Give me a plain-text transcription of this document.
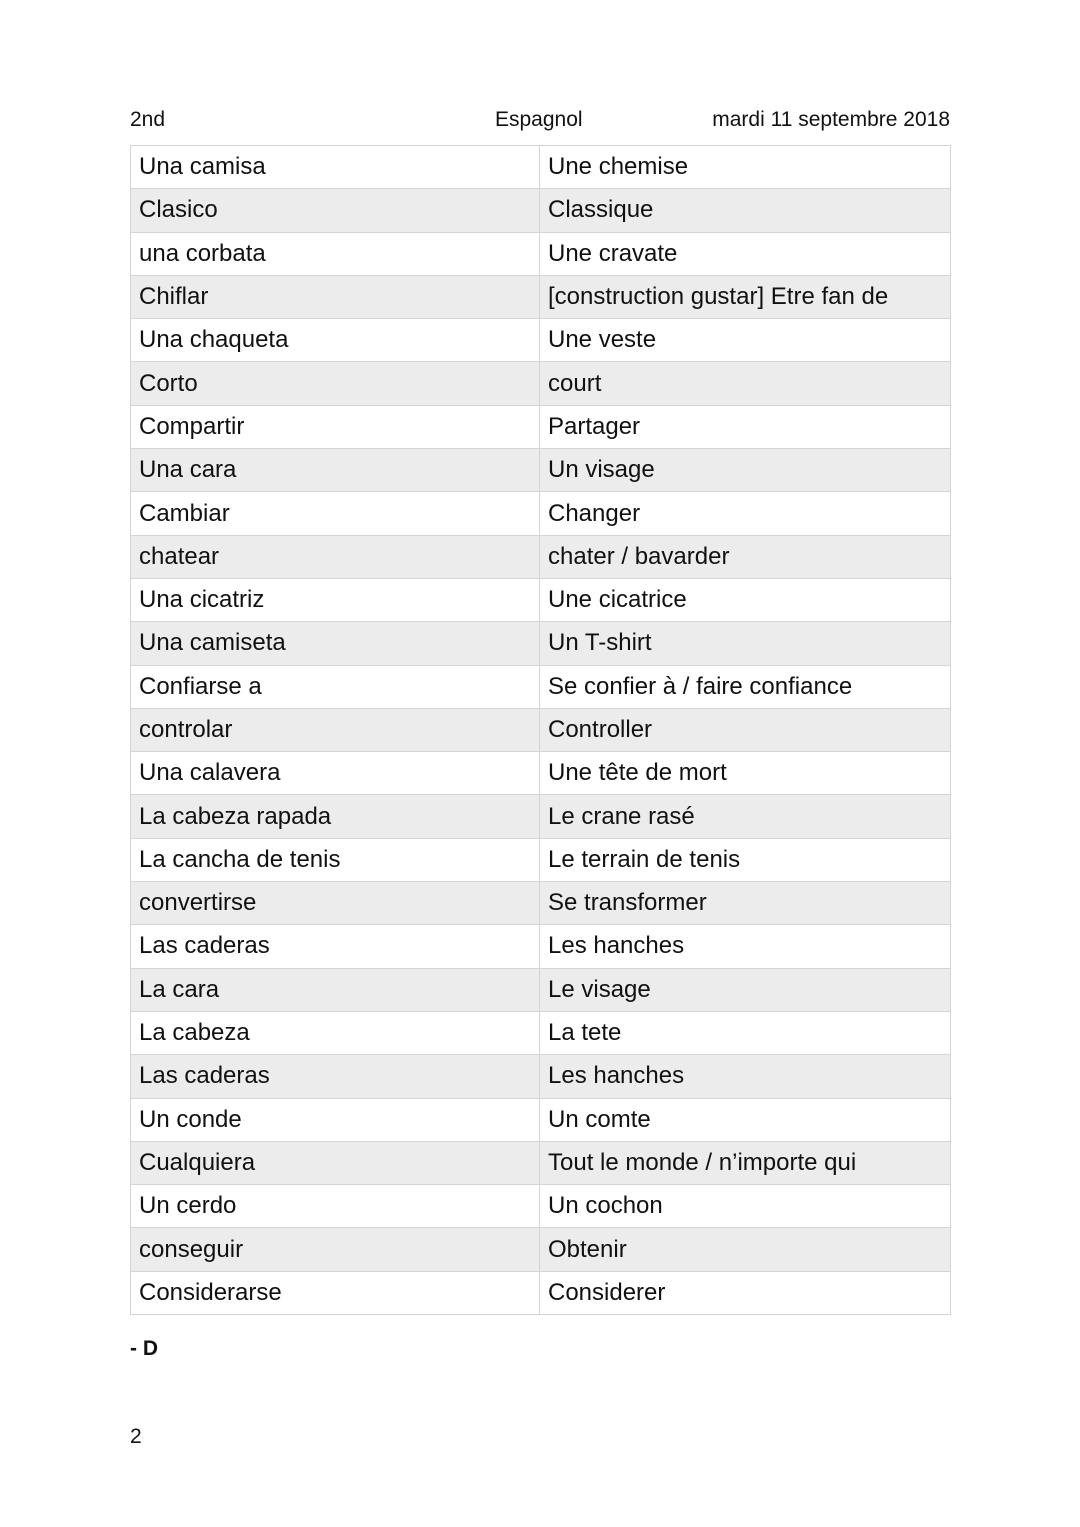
2nd	Espagnol	mardi 11 septembre 2018
Una camisa	Une chemise
Clasico	Classique
una corbata	Une cravate
Chiflar	[construction gustar] Etre fan de
Una chaqueta	Une veste
Corto	court
Compartir	Partager
Una cara	Un visage
Cambiar	Changer
chatear	chater / bavarder
Una cicatriz	Une cicatrice
Una camiseta	Un T-shirt
Confiarse a	Se confier à / faire confiance
controlar	Controller
Una calavera	Une tête de mort
La cabeza rapada	Le crane rasé
La cancha de tenis	Le terrain de tenis
convertirse	Se transformer
Las caderas	Les hanches
La cara	Le visage
La cabeza	La tete
Las caderas	Les hanches
Un conde	Un comte
Cualquiera	Tout le monde / n’importe qui
Un cerdo	Un cochon
conseguir	Obtenir
Considerarse	Considerer
- D
2
